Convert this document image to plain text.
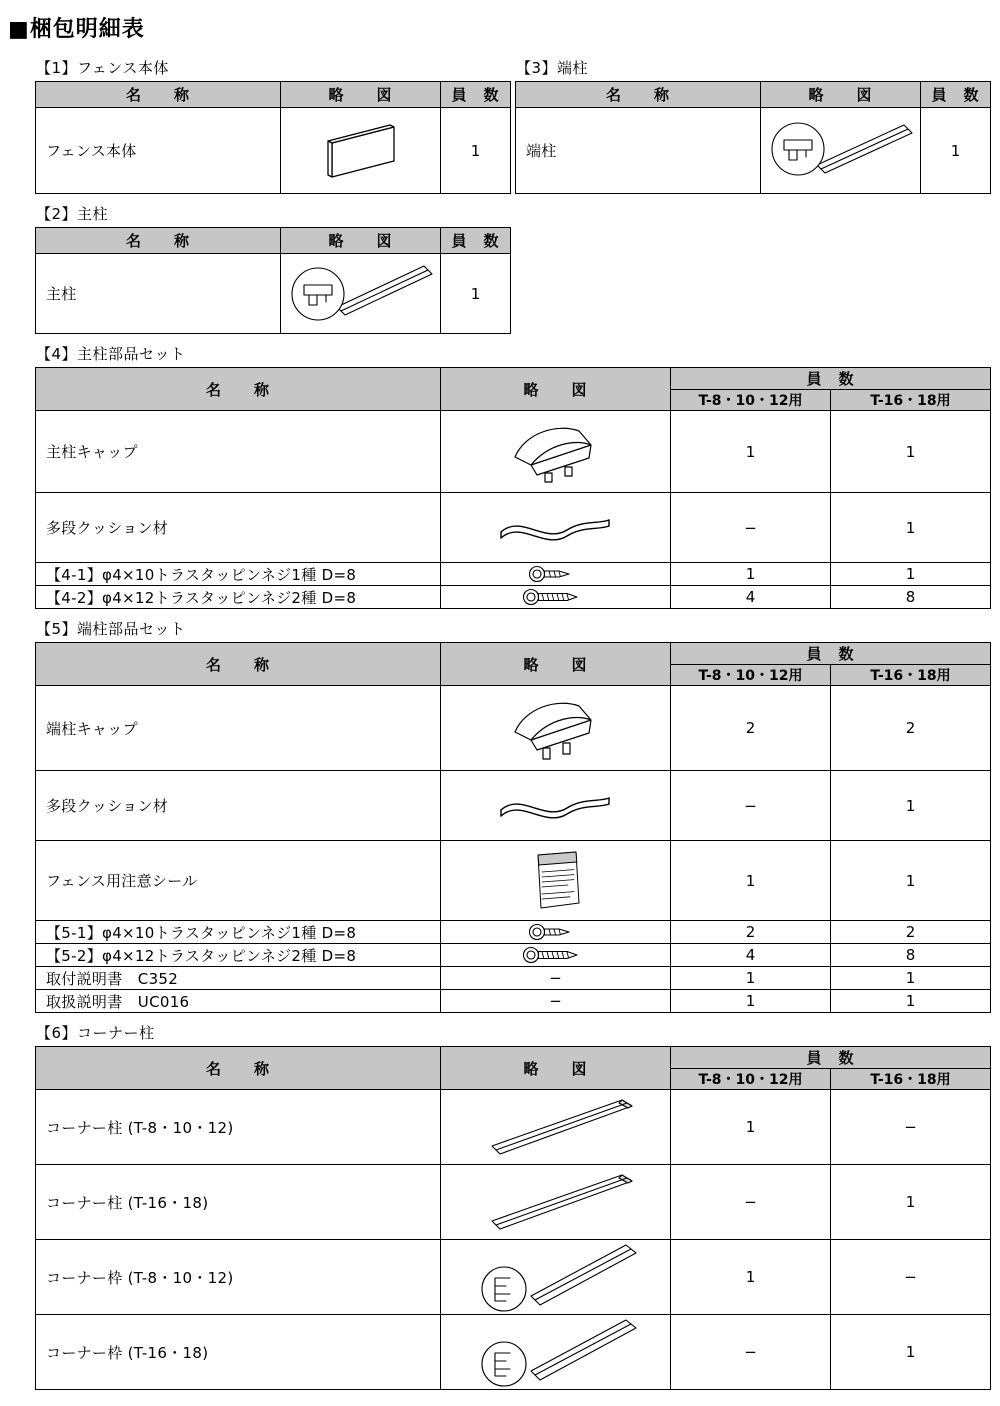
■梱包明細表
【1】フェンス本体
名　　称	略　　図	員　数
フェンス本体		1
【2】主柱
名　　称	略　　図	員　数
主柱		1
【3】端柱
名　　称	略　　図	員　数
端柱		1
【4】主柱部品セット
名　　称	略　　図	員　数	
		T-8・10・12用	T-16・18用
主柱キャップ		1	1
多段クッション材		−	1
【4-1】φ4×10トラスタッピンネジ1種 D=8		1	1
【4-2】φ4×12トラスタッピンネジ2種 D=8		4	8
【5】端柱部品セット
名　　称	略　　図	員　数	
		T-8・10・12用	T-16・18用
端柱キャップ		2	2
多段クッション材		−	1
フェンス用注意シール		1	1
【5-1】φ4×10トラスタッピンネジ1種 D=8		2	2
【5-2】φ4×12トラスタッピンネジ2種 D=8		4	8
取付説明書　C352	−	1	1
取扱説明書　UC016	−	1	1
【6】コーナー柱
名　　称	略　　図	員　数	
		T-8・10・12用	T-16・18用
コーナー柱 (T-8・10・12)		1	−
コーナー柱 (T-16・18)		−	1
コーナー枠 (T-8・10・12)		1	−
コーナー枠 (T-16・18)		−	1
